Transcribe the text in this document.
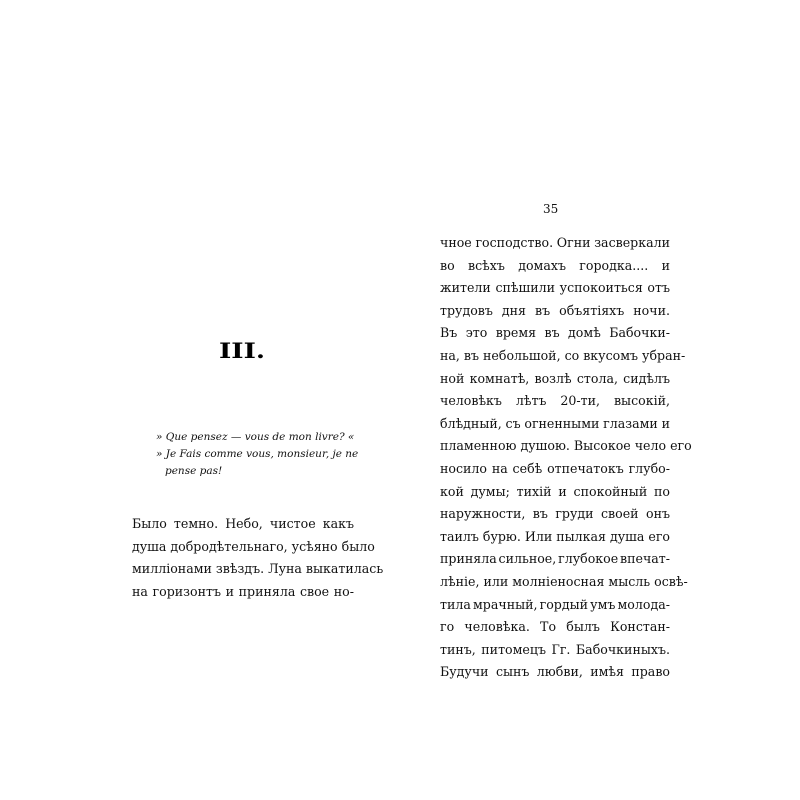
III.
» Que pensez — vous de mon livre? «
» Je Fais comme vous, monsieur, je ne
pense pas!
Было темно. Небо, чистое какъ
душа добродѣтельнаго, усѣяно было
милліонами звѣздъ. Луна выкатилась
на горизонтъ и приняла свое но-
35
чное господство. Огни засверкали
во всѣхъ домахъ городка.... и
жители спѣшили успокоиться отъ
трудовъ дня въ объятіяхъ ночи.
Въ это время въ домѣ Бабочки-
на, въ небольшой, со вкусомъ убран-
ной комнатѣ, возлѣ стола, сидѣлъ
человѣкъ лѣтъ 20-ти, высокій,
блѣдный, съ огненными глазами и
пламенною душою. Высокое чело его
носило на себѣ отпечатокъ глубо-
кой думы; тихій и спокойный по
наружности, въ груди своей онъ
таилъ бурю. Или пылкая душа его
приняла сильное, глубокое впечат-
лѣніе, или молніеносная мысль освѣ-
тила мрачный, гордый умъ молода-
го человѣка. То былъ Констан-
тинъ, питомецъ Гг. Бабочкиныхъ.
Будучи сынъ любви, имѣя право
